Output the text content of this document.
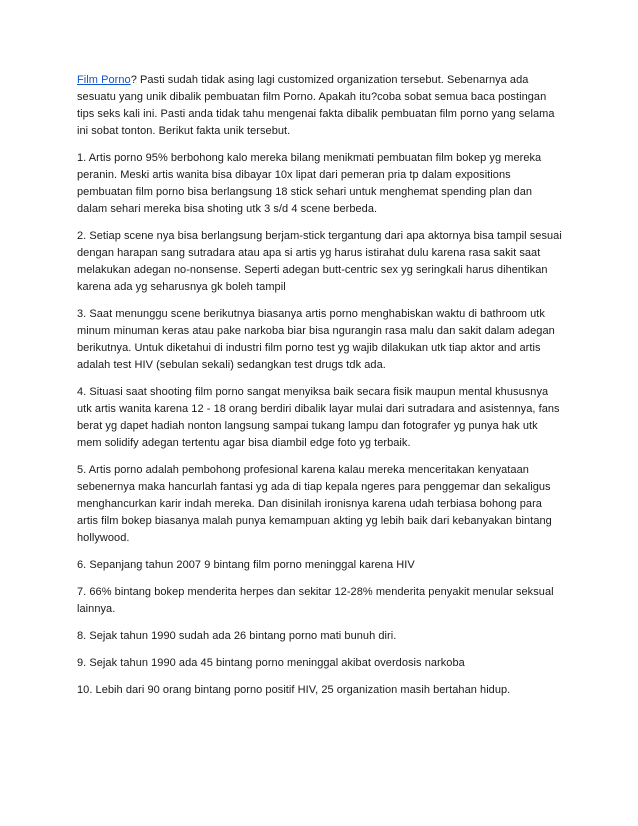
Film Porno? Pasti sudah tidak asing lagi customized organization tersebut. Sebenarnya ada sesuatu yang unik dibalik pembuatan film Porno. Apakah itu?coba sobat semua baca postingan tips seks kali ini. Pasti anda tidak tahu mengenai fakta dibalik pembuatan film porno yang selama ini sobat tonton. Berikut fakta unik tersebut.

1. Artis porno 95% berbohong kalo mereka bilang menikmati pembuatan film bokep yg mereka peranin. Meski artis wanita bisa dibayar 10x lipat dari pemeran pria tp dalam expositions pembuatan film porno bisa berlangsung 18 stick sehari untuk menghemat spending plan dan dalam sehari mereka bisa shoting utk 3 s/d 4 scene berbeda.

2. Setiap scene nya bisa berlangsung berjam-stick tergantung dari apa aktornya bisa tampil sesuai dengan harapan sang sutradara atau apa si artis yg harus istirahat dulu karena rasa sakit saat melakukan adegan no-nonsense. Seperti adegan butt-centric sex yg seringkali harus dihentikan karena ada yg seharusnya gk boleh tampil

3. Saat menunggu scene berikutnya biasanya artis porno menghabiskan waktu di bathroom utk minum minuman keras atau pake narkoba biar bisa ngurangin rasa malu dan sakit dalam adegan berikutnya. Untuk diketahui di industri film porno test yg wajib dilakukan utk tiap aktor and artis adalah test HIV (sebulan sekali) sedangkan test drugs tdk ada.

4. Situasi saat shooting film porno sangat menyiksa baik secara fisik maupun mental khususnya utk artis wanita karena 12 - 18 orang berdiri dibalik layar mulai dari sutradara and asistennya, fans berat yg dapet hadiah nonton langsung sampai tukang lampu dan fotografer yg punya hak utk mem solidify adegan tertentu agar bisa diambil edge foto yg terbaik.

5. Artis porno adalah pembohong profesional karena kalau mereka menceritakan kenyataan sebenernya maka hancurlah fantasi yg ada di tiap kepala ngeres para penggemar dan sekaligus menghancurkan karir indah mereka. Dan disinilah ironisnya karena udah terbiasa bohong para artis film bokep biasanya malah punya kemampuan akting yg lebih baik dari kebanyakan bintang hollywood.

6. Sepanjang tahun 2007 9 bintang film porno meninggal karena HIV

7. 66% bintang bokep menderita herpes dan sekitar 12-28% menderita penyakit menular seksual lainnya.

8. Sejak tahun 1990 sudah ada 26 bintang porno mati bunuh diri.

9. Sejak tahun 1990 ada 45 bintang porno meninggal akibat overdosis narkoba

10. Lebih dari 90 orang bintang porno positif HIV, 25 organization masih bertahan hidup.
